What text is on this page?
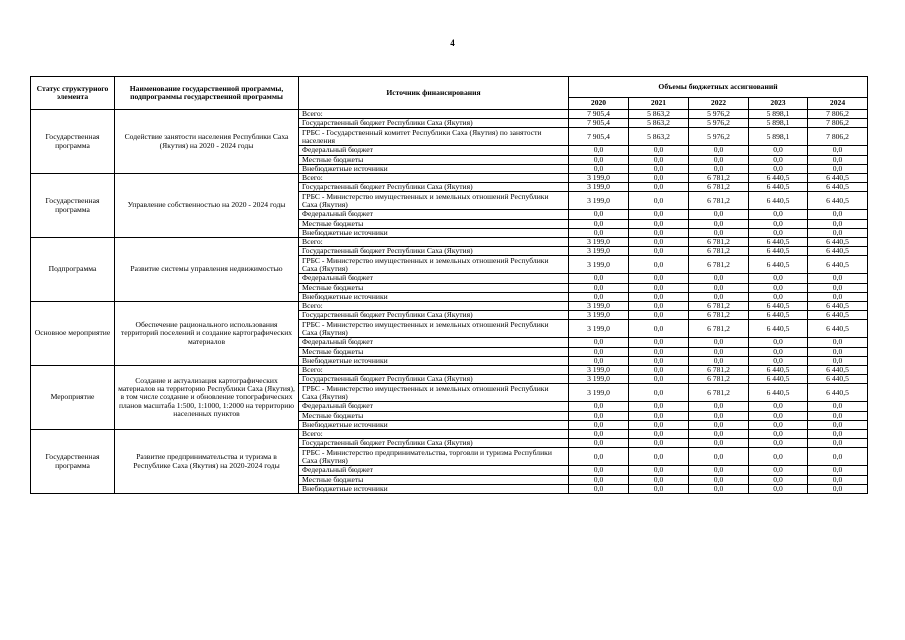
4
Статус структурного элемента	Наименование государственной программы, подпрограммы государственной программы	Источник финансирования	Объемы бюджетных ассигнований				
			2020	2021	2022	2023	2024
Государственная программа	Содействие занятости населения Республики Саха (Якутия) на 2020 - 2024 годы	Всего:	7 905,4	5 863,2	5 976,2	5 898,1	7 806,2
		Государственный бюджет Республики Саха (Якутия)	7 905,4	5 863,2	5 976,2	5 898,1	7 806,2
		ГРБС - Государственный комитет Республики Саха (Якутия) по занятости населения	7 905,4	5 863,2	5 976,2	5 898,1	7 806,2
		Федеральный бюджет	0,0	0,0	0,0	0,0	0,0
		Местные бюджеты	0,0	0,0	0,0	0,0	0,0
		Внебюджетные источники	0,0	0,0	0,0	0,0	0,0
Государственная программа	Управление собственностью на 2020 - 2024 годы	Всего:	3 199,0	0,0	6 781,2	6 440,5	6 440,5
		Государственный бюджет Республики Саха (Якутия)	3 199,0	0,0	6 781,2	6 440,5	6 440,5
		ГРБС - Министерство имущественных и земельных отношений Республики Саха (Якутия)	3 199,0	0,0	6 781,2	6 440,5	6 440,5
		Федеральный бюджет	0,0	0,0	0,0	0,0	0,0
		Местные бюджеты	0,0	0,0	0,0	0,0	0,0
		Внебюджетные источники	0,0	0,0	0,0	0,0	0,0
Подпрограмма	Развитие системы управления недвижимостью	Всего:	3 199,0	0,0	6 781,2	6 440,5	6 440,5
		Государственный бюджет Республики Саха (Якутия)	3 199,0	0,0	6 781,2	6 440,5	6 440,5
		ГРБС - Министерство имущественных и земельных отношений Республики Саха (Якутия)	3 199,0	0,0	6 781,2	6 440,5	6 440,5
		Федеральный бюджет	0,0	0,0	0,0	0,0	0,0
		Местные бюджеты	0,0	0,0	0,0	0,0	0,0
		Внебюджетные источники	0,0	0,0	0,0	0,0	0,0
Основное мероприятие	Обеспечение рационального использования территорий поселений и создание картографических материалов	Всего:	3 199,0	0,0	6 781,2	6 440,5	6 440,5
		Государственный бюджет Республики Саха (Якутия)	3 199,0	0,0	6 781,2	6 440,5	6 440,5
		ГРБС - Министерство имущественных и земельных отношений Республики Саха (Якутия)	3 199,0	0,0	6 781,2	6 440,5	6 440,5
		Федеральный бюджет	0,0	0,0	0,0	0,0	0,0
		Местные бюджеты	0,0	0,0	0,0	0,0	0,0
		Внебюджетные источники	0,0	0,0	0,0	0,0	0,0
Мероприятие	Создание и актуализация картографических материалов на территорию Республики Саха (Якутия), в том числе создание и обновление топографических планов масштаба 1:500, 1:1000, 1:2000 на территорию населенных пунктов	Всего:	3 199,0	0,0	6 781,2	6 440,5	6 440,5
		Государственный бюджет Республики Саха (Якутия)	3 199,0	0,0	6 781,2	6 440,5	6 440,5
		ГРБС - Министерство имущественных и земельных отношений Республики Саха (Якутия)	3 199,0	0,0	6 781,2	6 440,5	6 440,5
		Федеральный бюджет	0,0	0,0	0,0	0,0	0,0
		Местные бюджеты	0,0	0,0	0,0	0,0	0,0
		Внебюджетные источники	0,0	0,0	0,0	0,0	0,0
Государственная программа	Развитие предпринимательства и туризма в Республике Саха (Якутия) на 2020-2024 годы	Всего:	0,0	0,0	0,0	0,0	0,0
		Государственный бюджет Республики Саха (Якутия)	0,0	0,0	0,0	0,0	0,0
		ГРБС - Министерство предпринимательства, торговли и туризма Республики Саха (Якутия)	0,0	0,0	0,0	0,0	0,0
		Федеральный бюджет	0,0	0,0	0,0	0,0	0,0
		Местные бюджеты	0,0	0,0	0,0	0,0	0,0
		Внебюджетные источники	0,0	0,0	0,0	0,0	0,0
